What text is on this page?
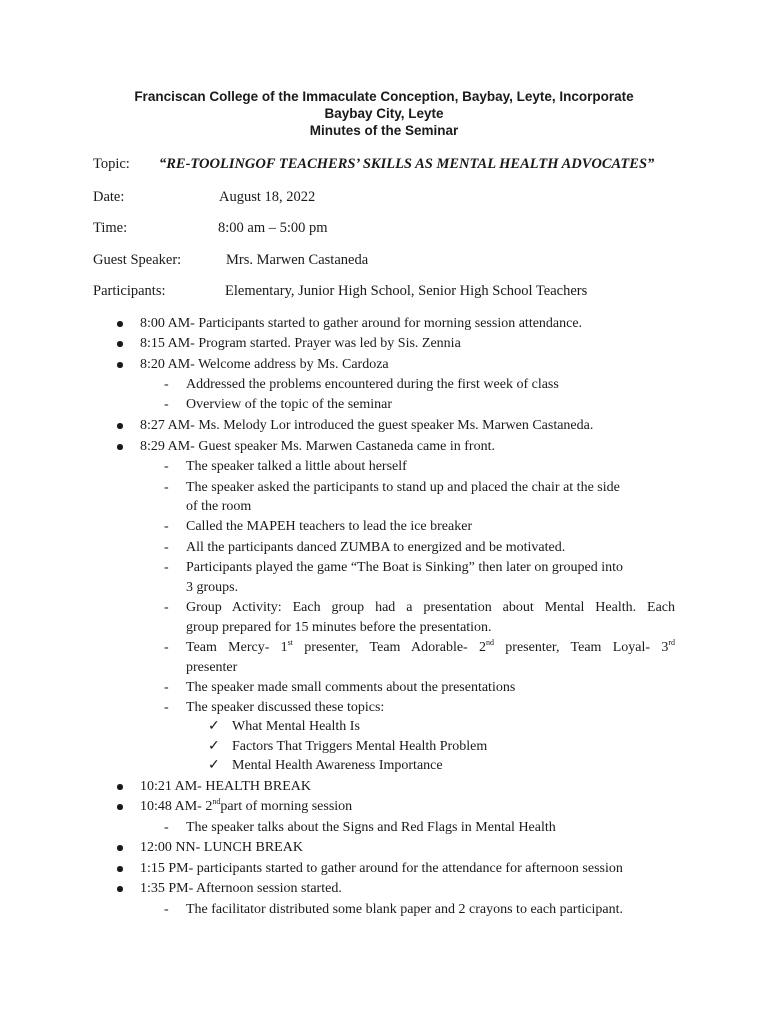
Franciscan College of the Immaculate Conception, Baybay, Leyte, Incorporate
Baybay City, Leyte
Minutes of the Seminar
Topic: “RE-TOOLINGOF TEACHERS’ SKILLS AS MENTAL HEALTH ADVOCATES”
Date:	August 18, 2022
Time:	8:00 am – 5:00 pm
Guest Speaker:	Mrs. Marwen Castaneda
Participants:	Elementary, Junior High School, Senior High School Teachers
8:00 AM- Participants started to gather around for morning session attendance.
8:15 AM- Program started. Prayer was led by Sis. Zennia
8:20 AM- Welcome address by Ms. Cardoza
- Addressed the problems encountered during the first week of class
- Overview of the topic of the seminar
8:27 AM- Ms. Melody Lor introduced the guest speaker Ms. Marwen Castaneda.
8:29 AM- Guest speaker Ms. Marwen Castaneda came in front.
- The speaker talked a little about herself
- The speaker asked the participants to stand up and placed the chair at the side
of the room
- Called the MAPEH teachers to lead the ice breaker
- All the participants danced ZUMBA to energized and be motivated.
- Participants played the game “The Boat is Sinking” then later on grouped into
3 groups.
- Group Activity: Each group had a presentation about Mental Health. Each
group prepared for 15 minutes before the presentation.
- Team Mercy- 1st presenter, Team Adorable- 2nd presenter, Team Loyal- 3rd
presenter
- The speaker made small comments about the presentations
- The speaker discussed these topics:
✓ What Mental Health Is
✓ Factors That Triggers Mental Health Problem
✓ Mental Health Awareness Importance
10:21 AM- HEALTH BREAK
10:48 AM- 2ndpart of morning session
- The speaker talks about the Signs and Red Flags in Mental Health
12:00 NN- LUNCH BREAK
1:15 PM- participants started to gather around for the attendance for afternoon session
1:35 PM- Afternoon session started.
- The facilitator distributed some blank paper and 2 crayons to each participant.
